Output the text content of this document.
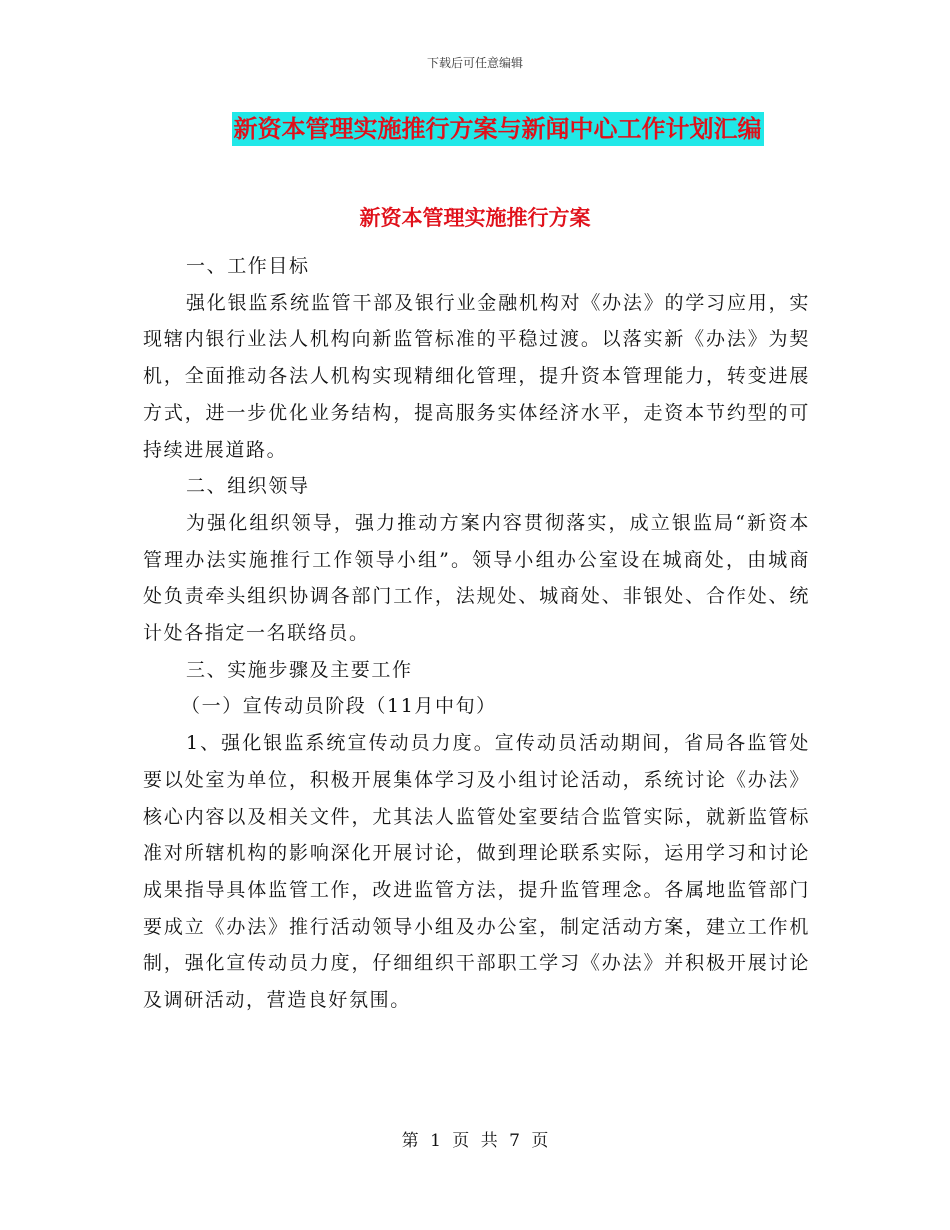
下载后可任意编辑
新资本管理实施推行方案与新闻中心工作计划汇编
新资本管理实施推行方案

一、工作目标

强化银监系统监管干部及银行业金融机构对《办法》的学习应用，实现辖内银行业法人机构向新监管标准的平稳过渡。以落实新《办法》为契机，全面推动各法人机构实现精细化管理，提升资本管理能力，转变进展方式，进一步优化业务结构，提高服务实体经济水平，走资本节约型的可持续进展道路。

二、组织领导

为强化组织领导，强力推动方案内容贯彻落实，成立银监局“新资本管理办法实施推行工作领导小组”。领导小组办公室设在城商处，由城商处负责牵头组织协调各部门工作，法规处、城商处、非银处、合作处、统计处各指定一名联络员。

三、实施步骤及主要工作

（一）宣传动员阶段（11月中旬）

1、强化银监系统宣传动员力度。宣传动员活动期间，省局各监管处要以处室为单位，积极开展集体学习及小组讨论活动，系统讨论《办法》核心内容以及相关文件，尤其法人监管处室要结合监管实际，就新监管标准对所辖机构的影响深化开展讨论，做到理论联系实际，运用学习和讨论成果指导具体监管工作，改进监管方法，提升监管理念。各属地监管部门要成立《办法》推行活动领导小组及办公室，制定活动方案，建立工作机制，强化宣传动员力度，仔细组织干部职工学习《办法》并积极开展讨论及调研活动，营造良好氛围。

第 1 页 共 7 页
